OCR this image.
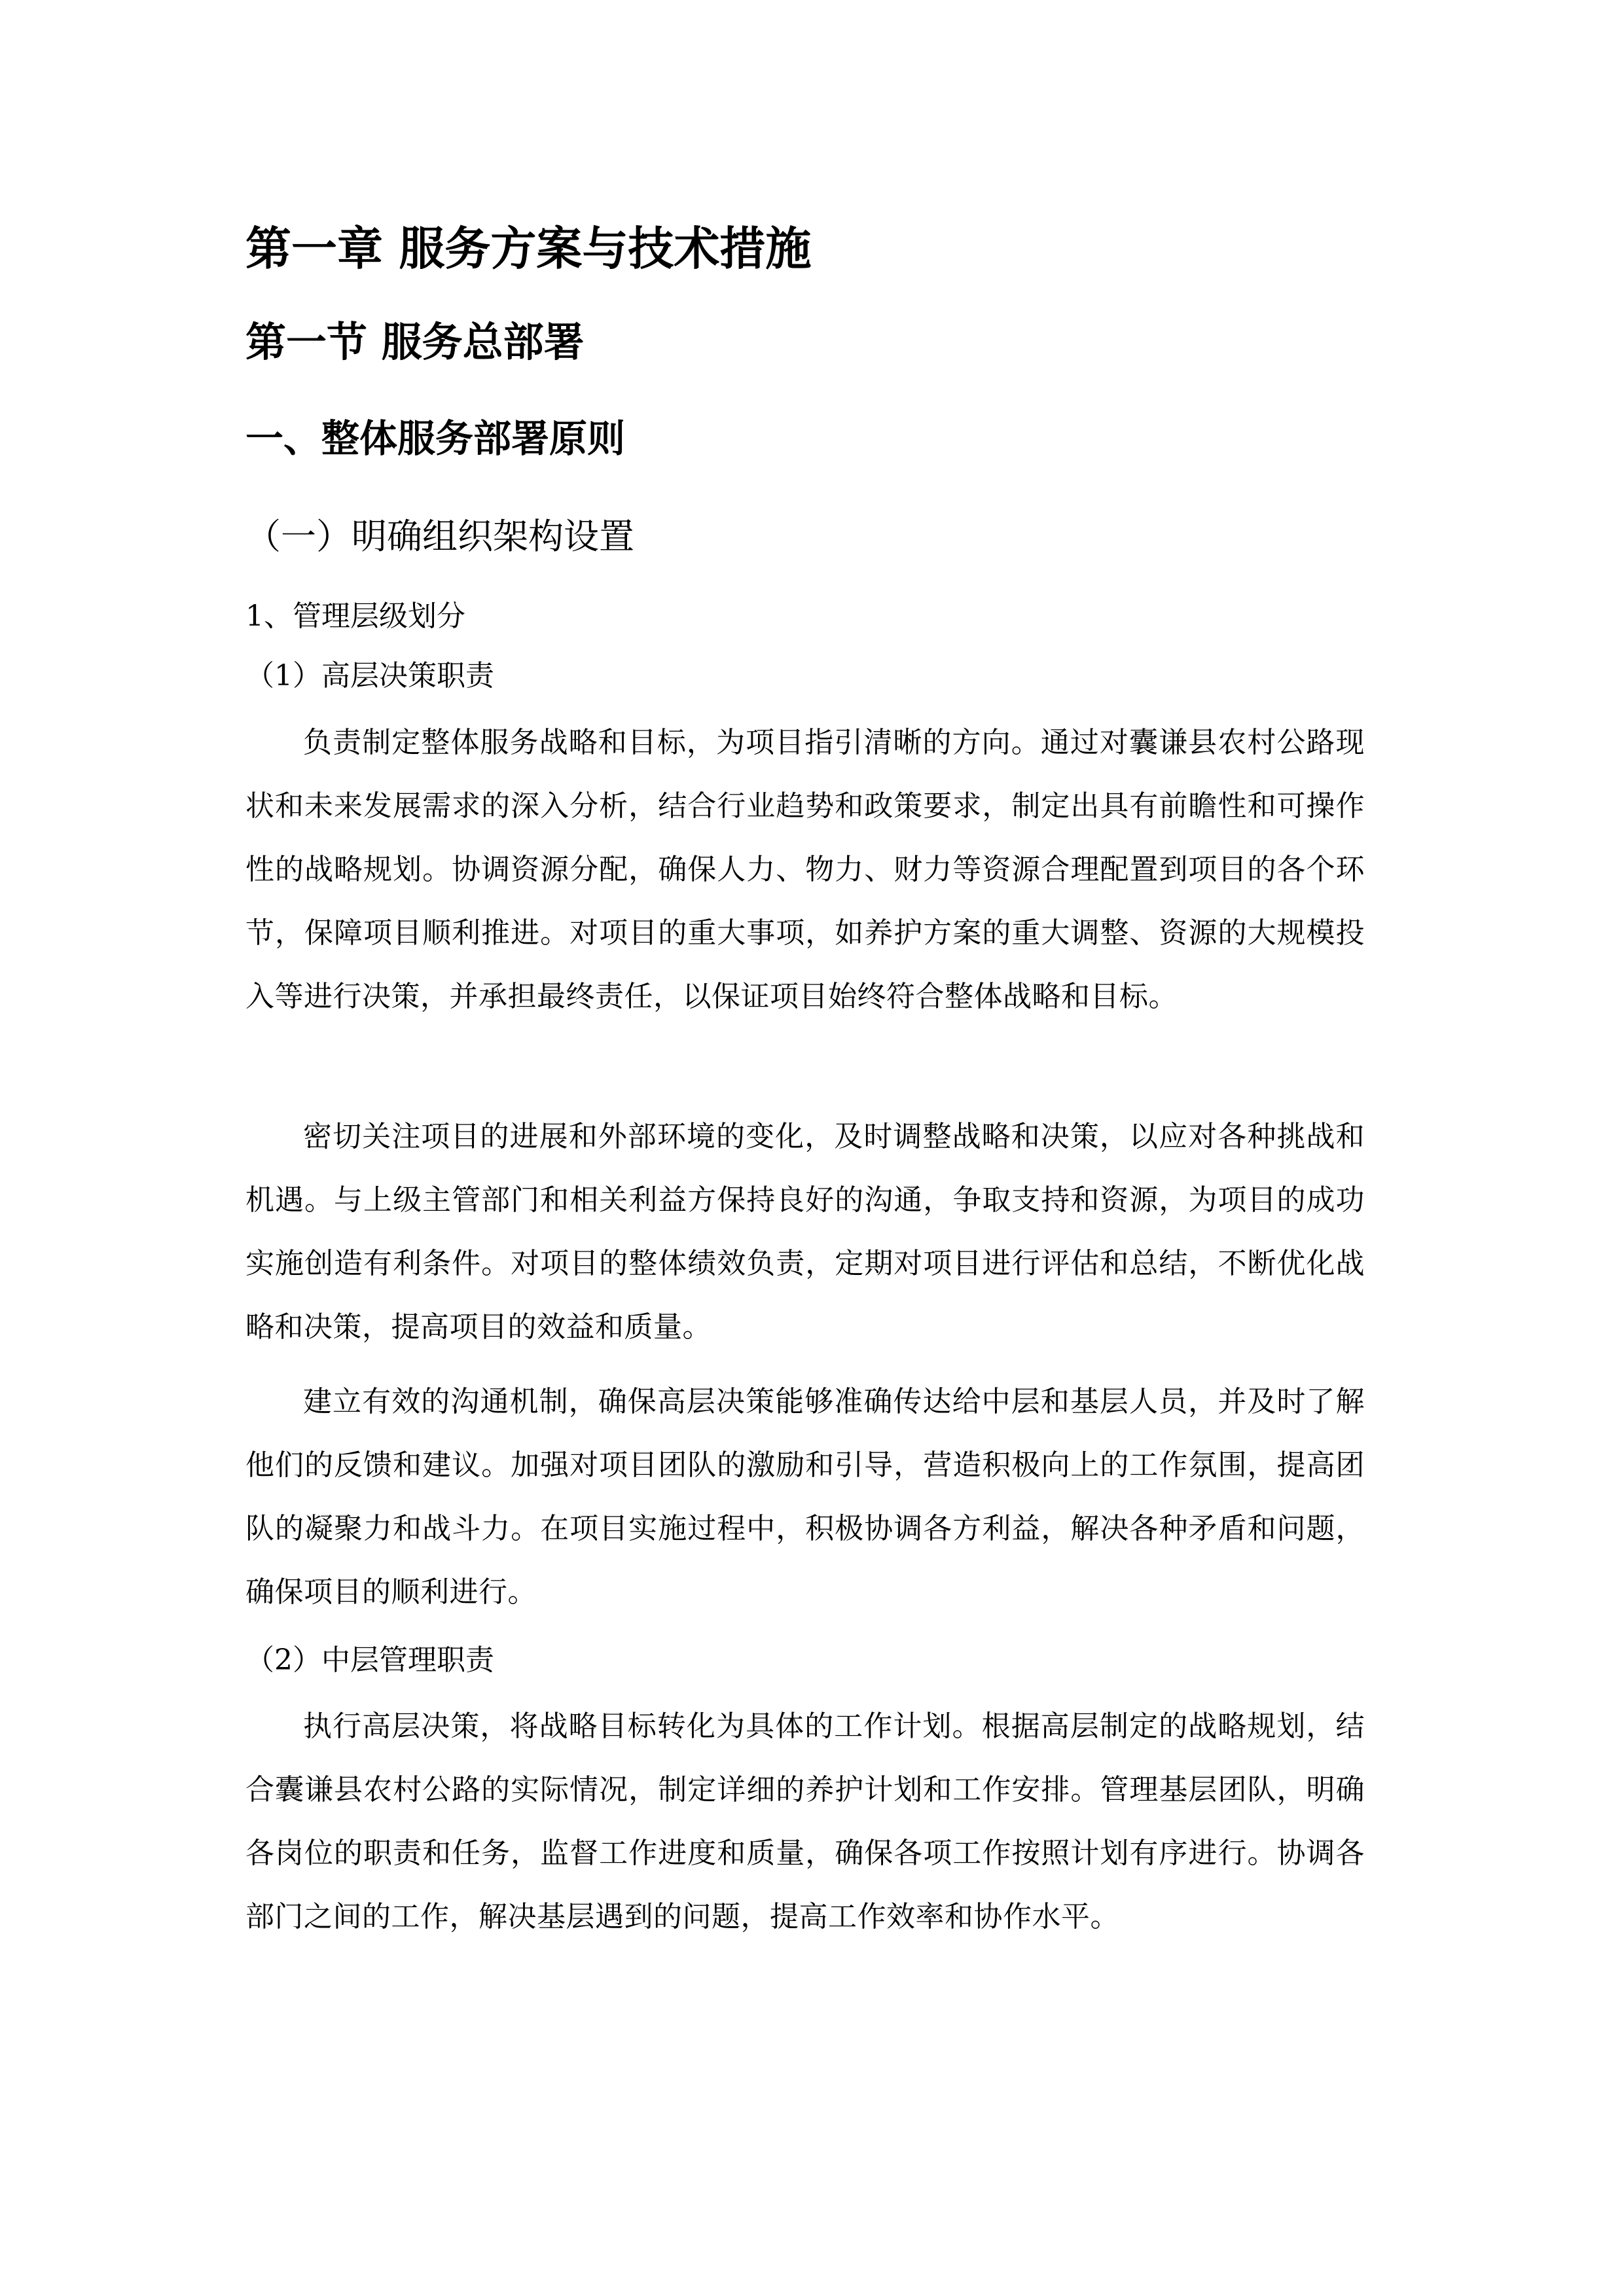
第一章 服务方案与技术措施
第一节 服务总部署
一、整体服务部署原则
（一）明确组织架构设置

1、管理层级划分

（1）高层决策职责

负责制定整体服务战略和目标，为项目指引清晰的方向。通过对囊谦县农村公路现状和未来发展需求的深入分析，结合行业趋势和政策要求，制定出具有前瞻性和可操作性的战略规划。协调资源分配，确保人力、物力、财力等资源合理配置到项目的各个环节，保障项目顺利推进。对项目的重大事项，如养护方案的重大调整、资源的大规模投入等进行决策，并承担最终责任，以保证项目始终符合整体战略和目标。

密切关注项目的进展和外部环境的变化，及时调整战略和决策，以应对各种挑战和机遇。与上级主管部门和相关利益方保持良好的沟通，争取支持和资源，为项目的成功实施创造有利条件。对项目的整体绩效负责，定期对项目进行评估和总结，不断优化战略和决策，提高项目的效益和质量。

建立有效的沟通机制，确保高层决策能够准确传达给中层和基层人员，并及时了解他们的反馈和建议。加强对项目团队的激励和引导，营造积极向上的工作氛围，提高团队的凝聚力和战斗力。在项目实施过程中，积极协调各方利益，解决各种矛盾和问题，确保项目的顺利进行。

（2）中层管理职责

执行高层决策，将战略目标转化为具体的工作计划。根据高层制定的战略规划，结合囊谦县农村公路的实际情况，制定详细的养护计划和工作安排。管理基层团队，明确各岗位的职责和任务，监督工作进度和质量，确保各项工作按照计划有序进行。协调各部门之间的工作，解决基层遇到的问题，提高工作效率和协作水平。
